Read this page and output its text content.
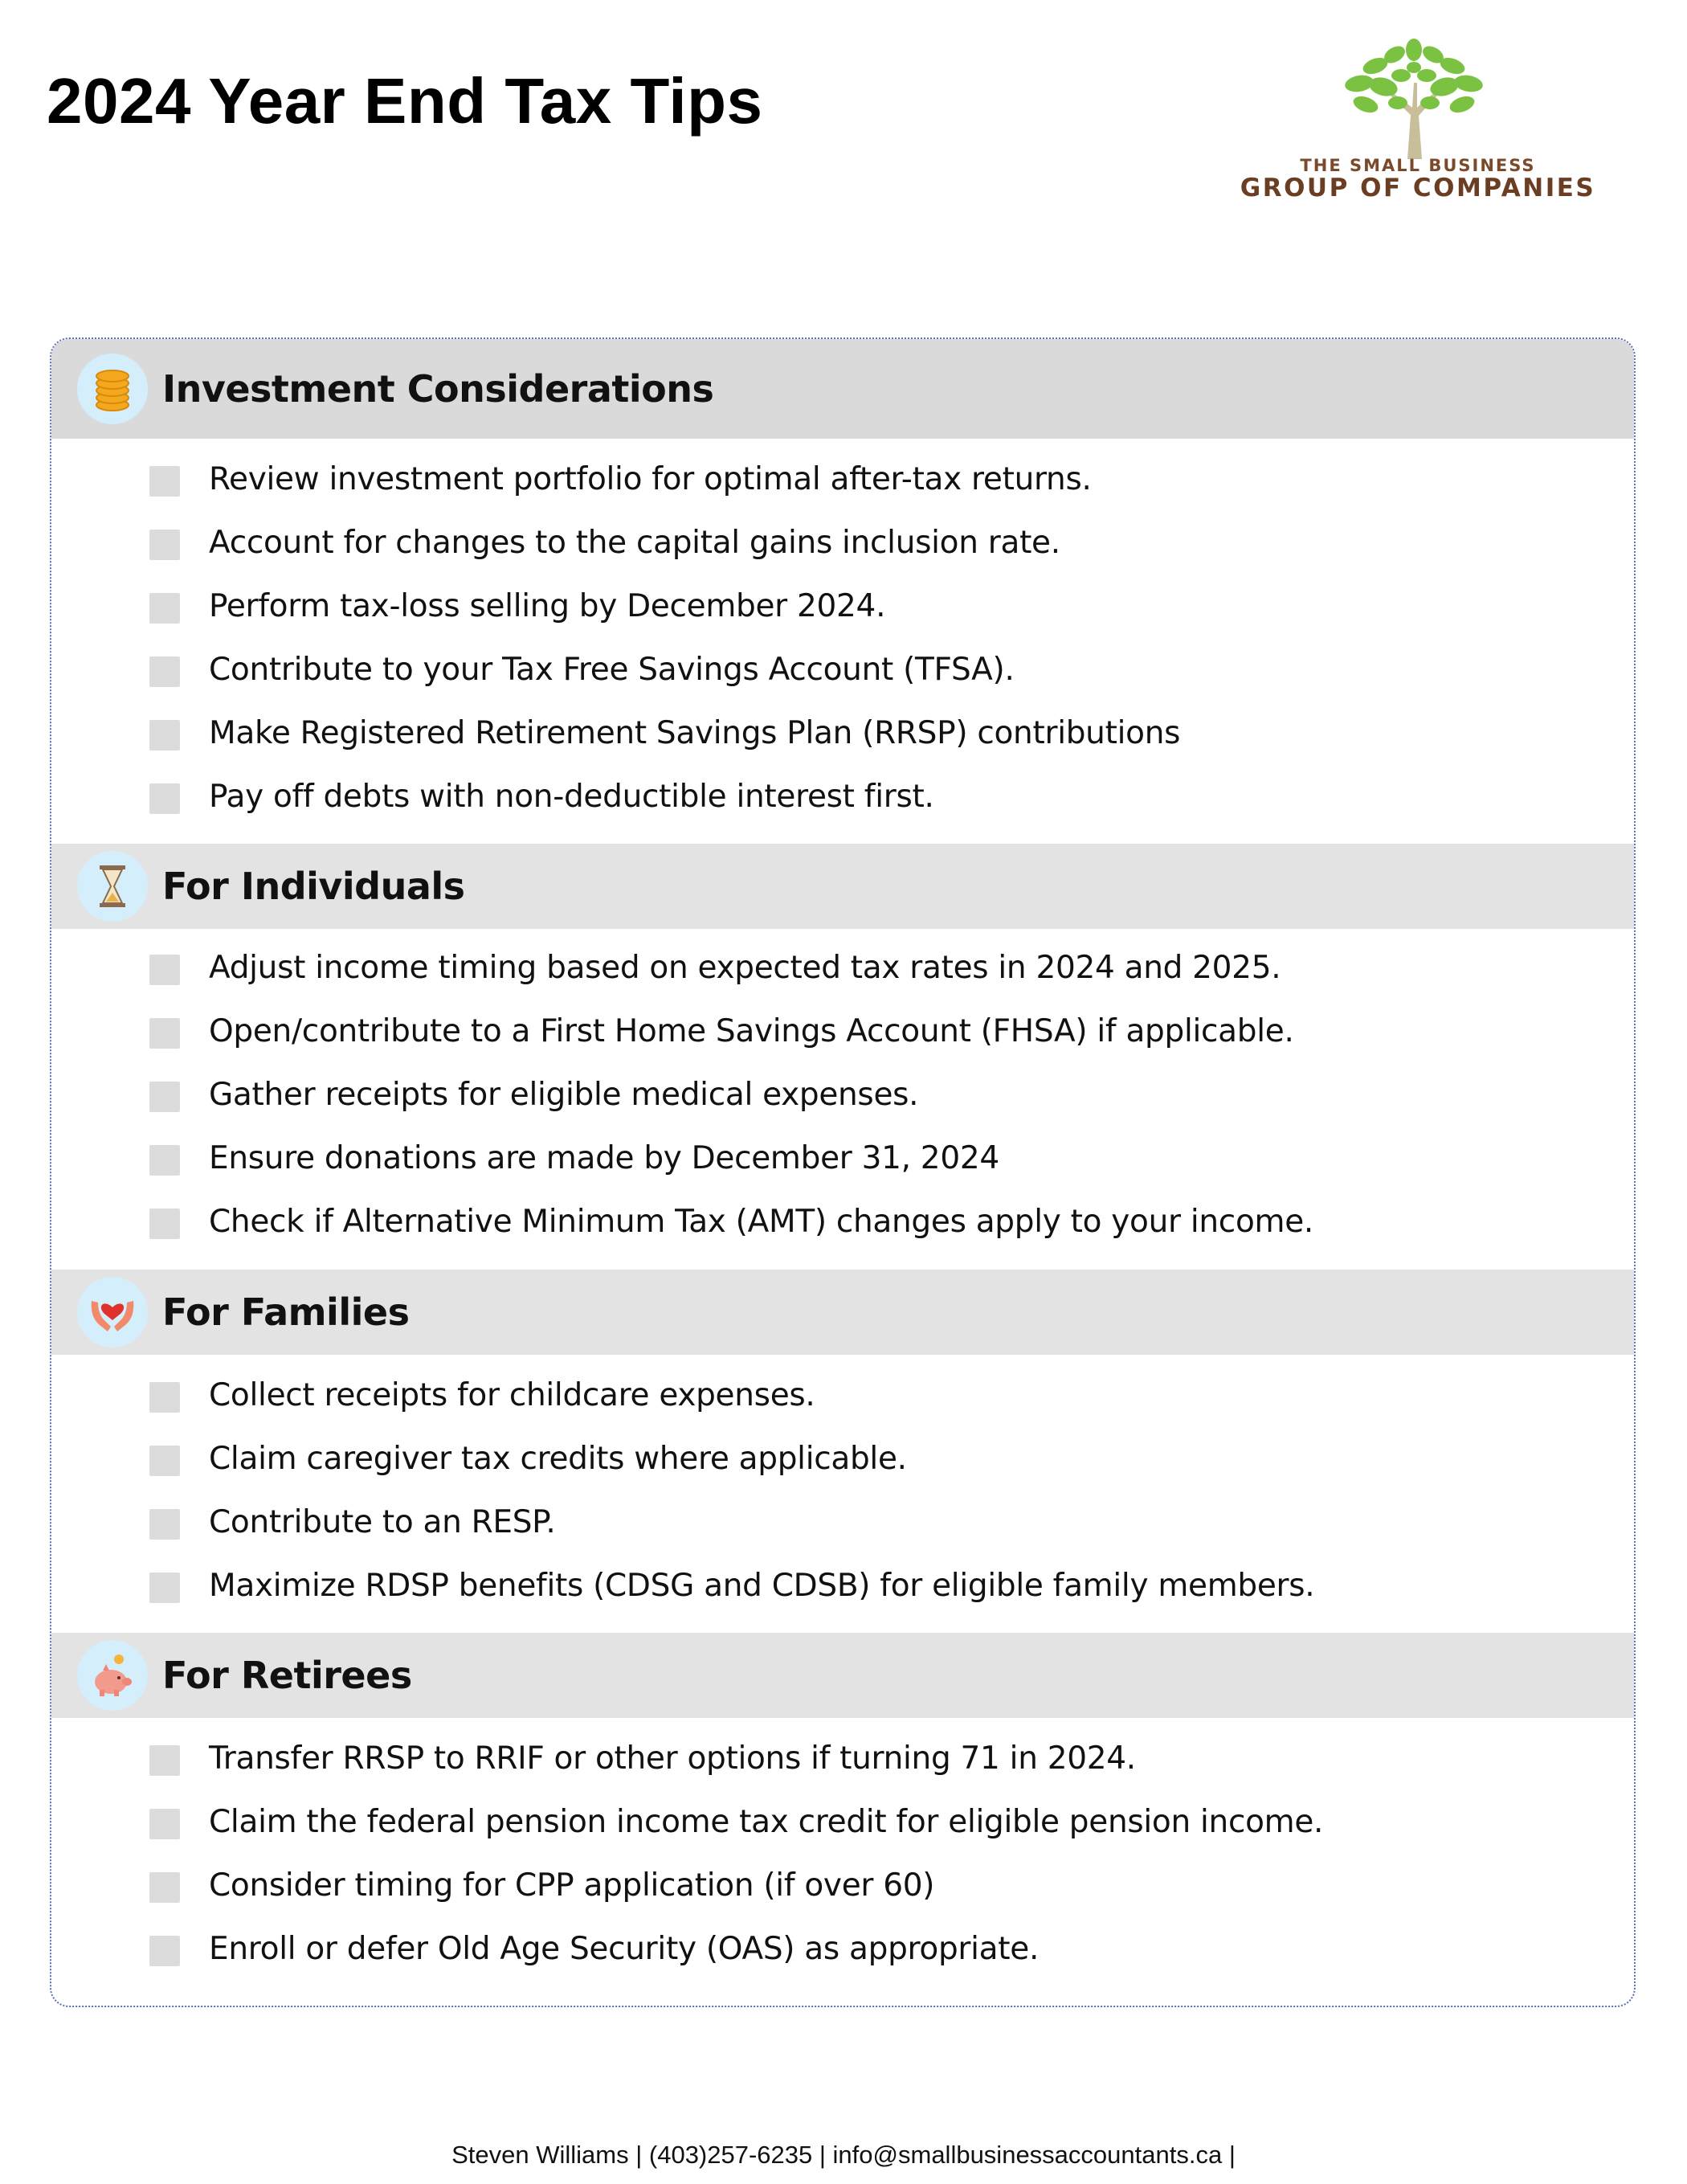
2024 Year End Tax Tips
THE SMALL BUSINESS
GROUP OF COMPANIES
Investment Considerations
Review investment portfolio for optimal after-tax returns.
Account for changes to the capital gains inclusion rate.
Perform tax-loss selling by December 2024.
Contribute to your Tax Free Savings Account (TFSA).
Make Registered Retirement Savings Plan (RRSP) contributions
Pay off debts with non-deductible interest first.
For Individuals
Adjust income timing based on expected tax rates in 2024 and 2025.
Open/contribute to a First Home Savings Account (FHSA) if applicable.
Gather receipts for eligible medical expenses.
Ensure donations are made by December 31, 2024
Check if Alternative Minimum Tax (AMT) changes apply to your income.
For Families
Collect receipts for childcare expenses.
Claim caregiver tax credits where applicable.
Contribute to an RESP.
Maximize RDSP benefits (CDSG and CDSB) for eligible family members.
For Retirees
Transfer RRSP to RRIF or other options if turning 71 in 2024.
Claim the federal pension income tax credit for eligible pension income.
Consider timing for CPP application (if over 60)
Enroll or defer Old Age Security (OAS) as appropriate.
Steven Williams | (403)257-6235 | info@smallbusinessaccountants.ca |
